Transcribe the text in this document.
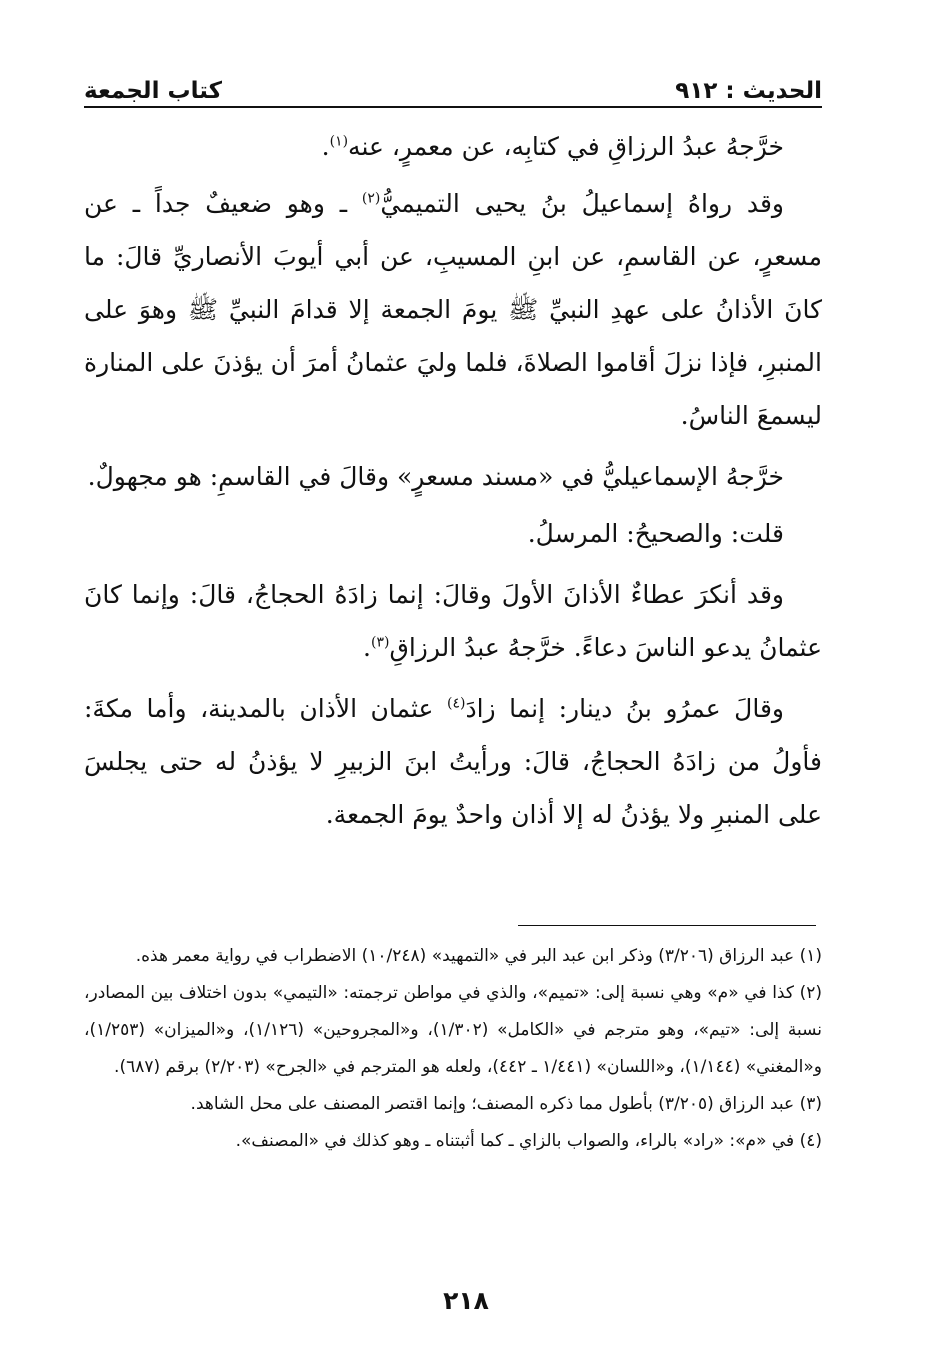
الحديث : ٩١٢
كتاب الجمعة

خرَّجهُ عبدُ الرزاقِ في كتابِه، عن معمرٍ، عنه$^{(١)}$.

وقد رواهُ إسماعيلُ بنُ يحيى التميميُّ$^{(٢)}$ ـ وهو ضعيفٌ جداً ـ عن مسعرٍ، عن القاسمِ، عن ابنِ المسيبِ، عن أبي أيوبَ الأنصاريِّ قالَ: ما كانَ الأذانُ على عهدِ النبيِّ ﷺ يومَ الجمعة إلا قدامَ النبيِّ ﷺ وهوَ على المنبرِ، فإذا نزلَ أقاموا الصلاةَ، فلما وليَ عثمانُ أمرَ أن يؤذنَ على المنارة ليسمعَ الناسُ.

خرَّجهُ الإسماعيليُّ في «مسند مسعرٍ» وقالَ في القاسمِ: هو مجهولٌ.

قلت: والصحيحُ: المرسلُ.

وقد أنكرَ عطاءٌ الأذانَ الأولَ وقالَ: إنما زادَهُ الحجاجُ، قالَ: وإنما كانَ عثمانُ يدعو الناسَ دعاءً. خرَّجهُ عبدُ الرزاقِ$^{(٣)}$.

وقالَ عمرُو بنُ دينار: إنما زادَ$^{(٤)}$ عثمان الأذان بالمدينة، وأما مكةَ: فأولُ من زادَهُ الحجاجُ، قالَ: ورأيتُ ابنَ الزبيرِ لا يؤذنُ له حتى يجلسَ على المنبرِ ولا يؤذنُ له إلا أذان واحدٌ يومَ الجمعة.

(١) عبد الرزاق (٣/٢٠٦) وذكر ابن عبد البر في «التمهيد» (١٠/٢٤٨) الاضطراب في رواية معمر هذه.

(٢) كذا في «م» وهي نسبة إلى: «تميم»، والذي في مواطن ترجمته: «التيمي» بدون اختلاف بين المصادر، نسبة إلى: «تيم»، وهو مترجم في «الكامل» (١/٣٠٢)، و«المجروحين» (١/١٢٦)، و«الميزان» (١/٢٥٣)، و«المغني» (١/١٤٤)، و«اللسان» (١/٤٤١ ـ ٤٤٢)، ولعله هو المترجم في «الجرح» (٢/٢٠٣) برقم (٦٨٧).

(٣) عبد الرزاق (٣/٢٠٥) بأطول مما ذكره المصنف؛ وإنما اقتصر المصنف على محل الشاهد.

(٤) في «م»: «راد» بالراء، والصواب بالزاي ـ كما أثبتناه ـ وهو كذلك في «المصنف».

٢١٨
